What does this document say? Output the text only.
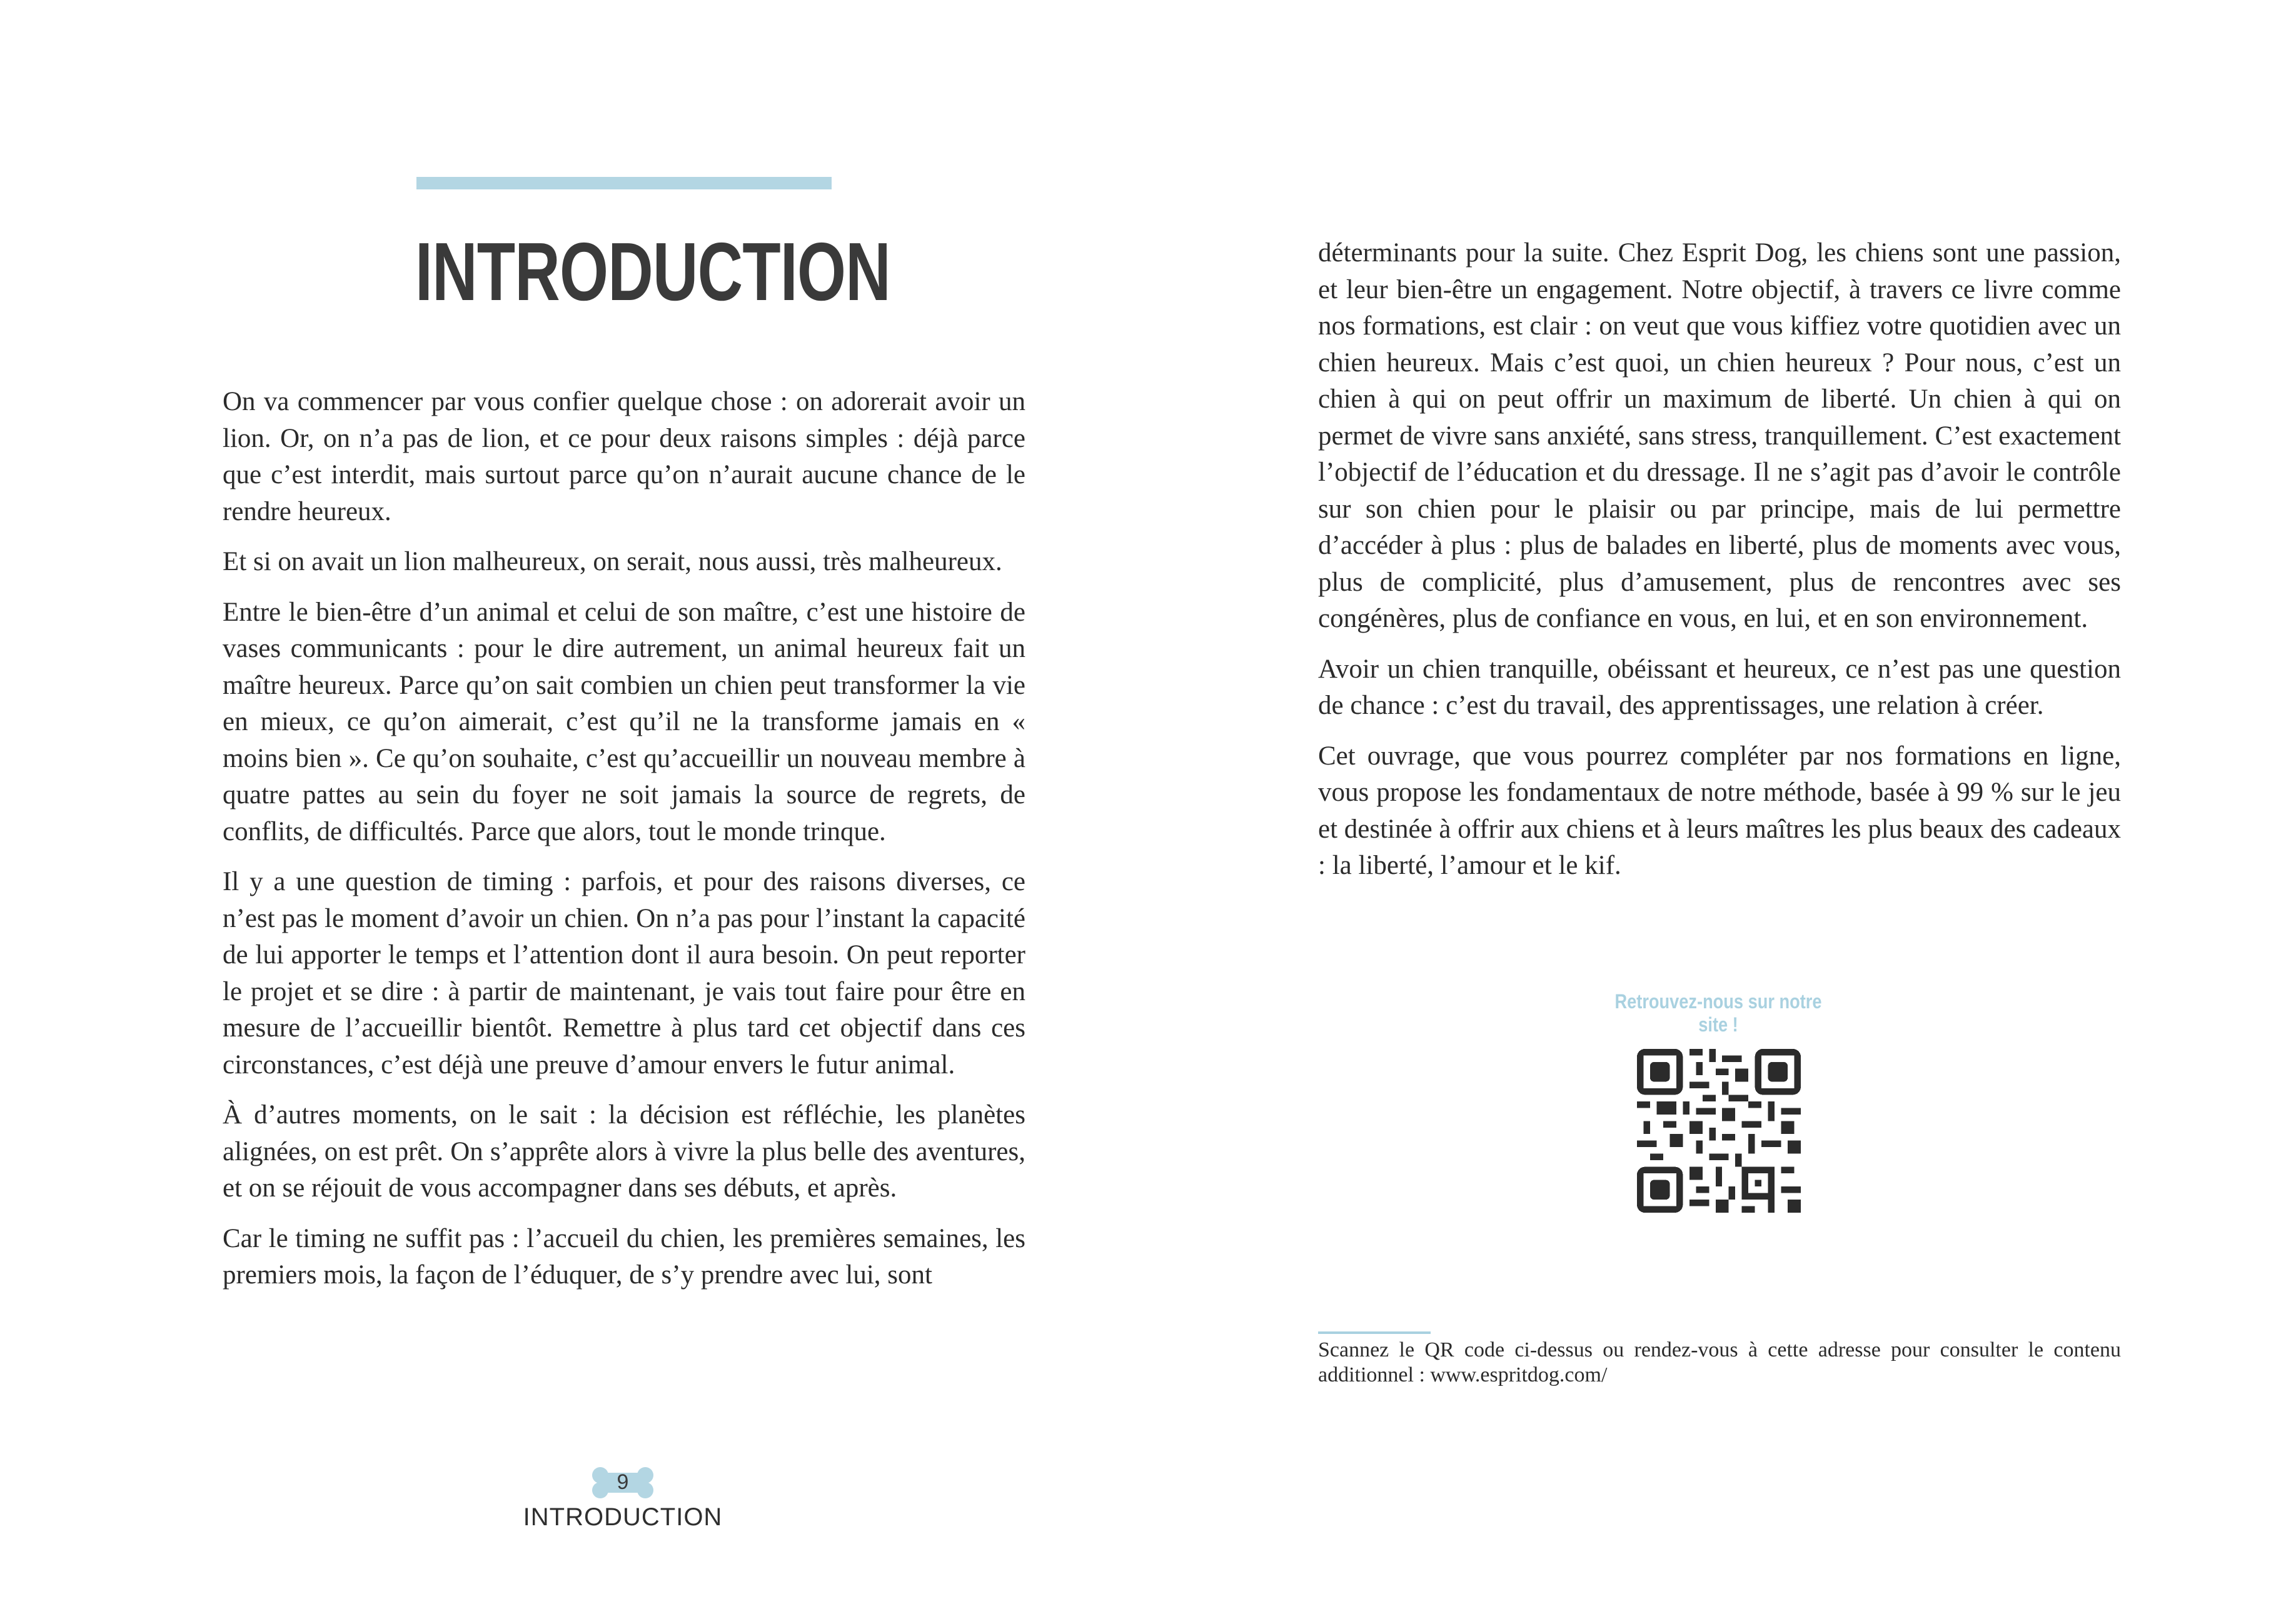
INTRODUCTION

On va commencer par vous confier quelque chose : on adorerait avoir un lion. Or, on n’a pas de lion, et ce pour deux raisons simples : déjà parce que c’est interdit, mais surtout parce qu’on n’aurait aucune chance de le rendre heureux.

Et si on avait un lion malheureux, on serait, nous aussi, très malheureux.

Entre le bien-être d’un animal et celui de son maître, c’est une histoire de vases communicants : pour le dire autrement, un animal heureux fait un maître heureux. Parce qu’on sait combien un chien peut transformer la vie en mieux, ce qu’on aimerait, c’est qu’il ne la transforme jamais en « moins bien ». Ce qu’on souhaite, c’est qu’accueillir un nouveau membre à quatre pattes au sein du foyer ne soit jamais la source de regrets, de conflits, de difficultés. Parce que alors, tout le monde trinque.

Il y a une question de timing : parfois, et pour des raisons diverses, ce n’est pas le moment d’avoir un chien. On n’a pas pour l’instant la capacité de lui apporter le temps et l’attention dont il aura besoin. On peut reporter le projet et se dire : à partir de maintenant, je vais tout faire pour être en mesure de l’accueillir bientôt. Remettre à plus tard cet objectif dans ces circonstances, c’est déjà une preuve d’amour envers le futur animal.

À d’autres moments, on le sait : la décision est réfléchie, les planètes alignées, on est prêt. On s’apprête alors à vivre la plus belle des aventures, et on se réjouit de vous accompagner dans ses débuts, et après.

Car le timing ne suffit pas : l’accueil du chien, les premières semaines, les premiers mois, la façon de l’éduquer, de s’y prendre avec lui, sont

9
INTRODUCTION

déterminants pour la suite. Chez Esprit Dog, les chiens sont une passion, et leur bien-être un engagement. Notre objectif, à travers ce livre comme nos formations, est clair : on veut que vous kiffiez votre quotidien avec un chien heureux. Mais c’est quoi, un chien heureux ? Pour nous, c’est un chien à qui on peut offrir un maximum de liberté. Un chien à qui on permet de vivre sans anxiété, sans stress, tranquillement. C’est exactement l’objectif de l’éducation et du dressage. Il ne s’agit pas d’avoir le contrôle sur son chien pour le plaisir ou par principe, mais de lui permettre d’accéder à plus : plus de balades en liberté, plus de moments avec vous, plus de complicité, plus d’amusement, plus de rencontres avec ses congénères, plus de confiance en vous, en lui, et en son environnement.

Avoir un chien tranquille, obéissant et heureux, ce n’est pas une question de chance : c’est du travail, des apprentissages, une relation à créer.

Cet ouvrage, que vous pourrez compléter par nos formations en ligne, vous propose les fondamentaux de notre méthode, basée à 99 % sur le jeu et destinée à offrir aux chiens et à leurs maîtres les plus beaux des cadeaux : la liberté, l’amour et le kif.

Retrouvez-nous sur notre site !

Scannez le QR code ci-dessus ou rendez-vous à cette adresse pour consulter le contenu additionnel : www.espritdog.com/
